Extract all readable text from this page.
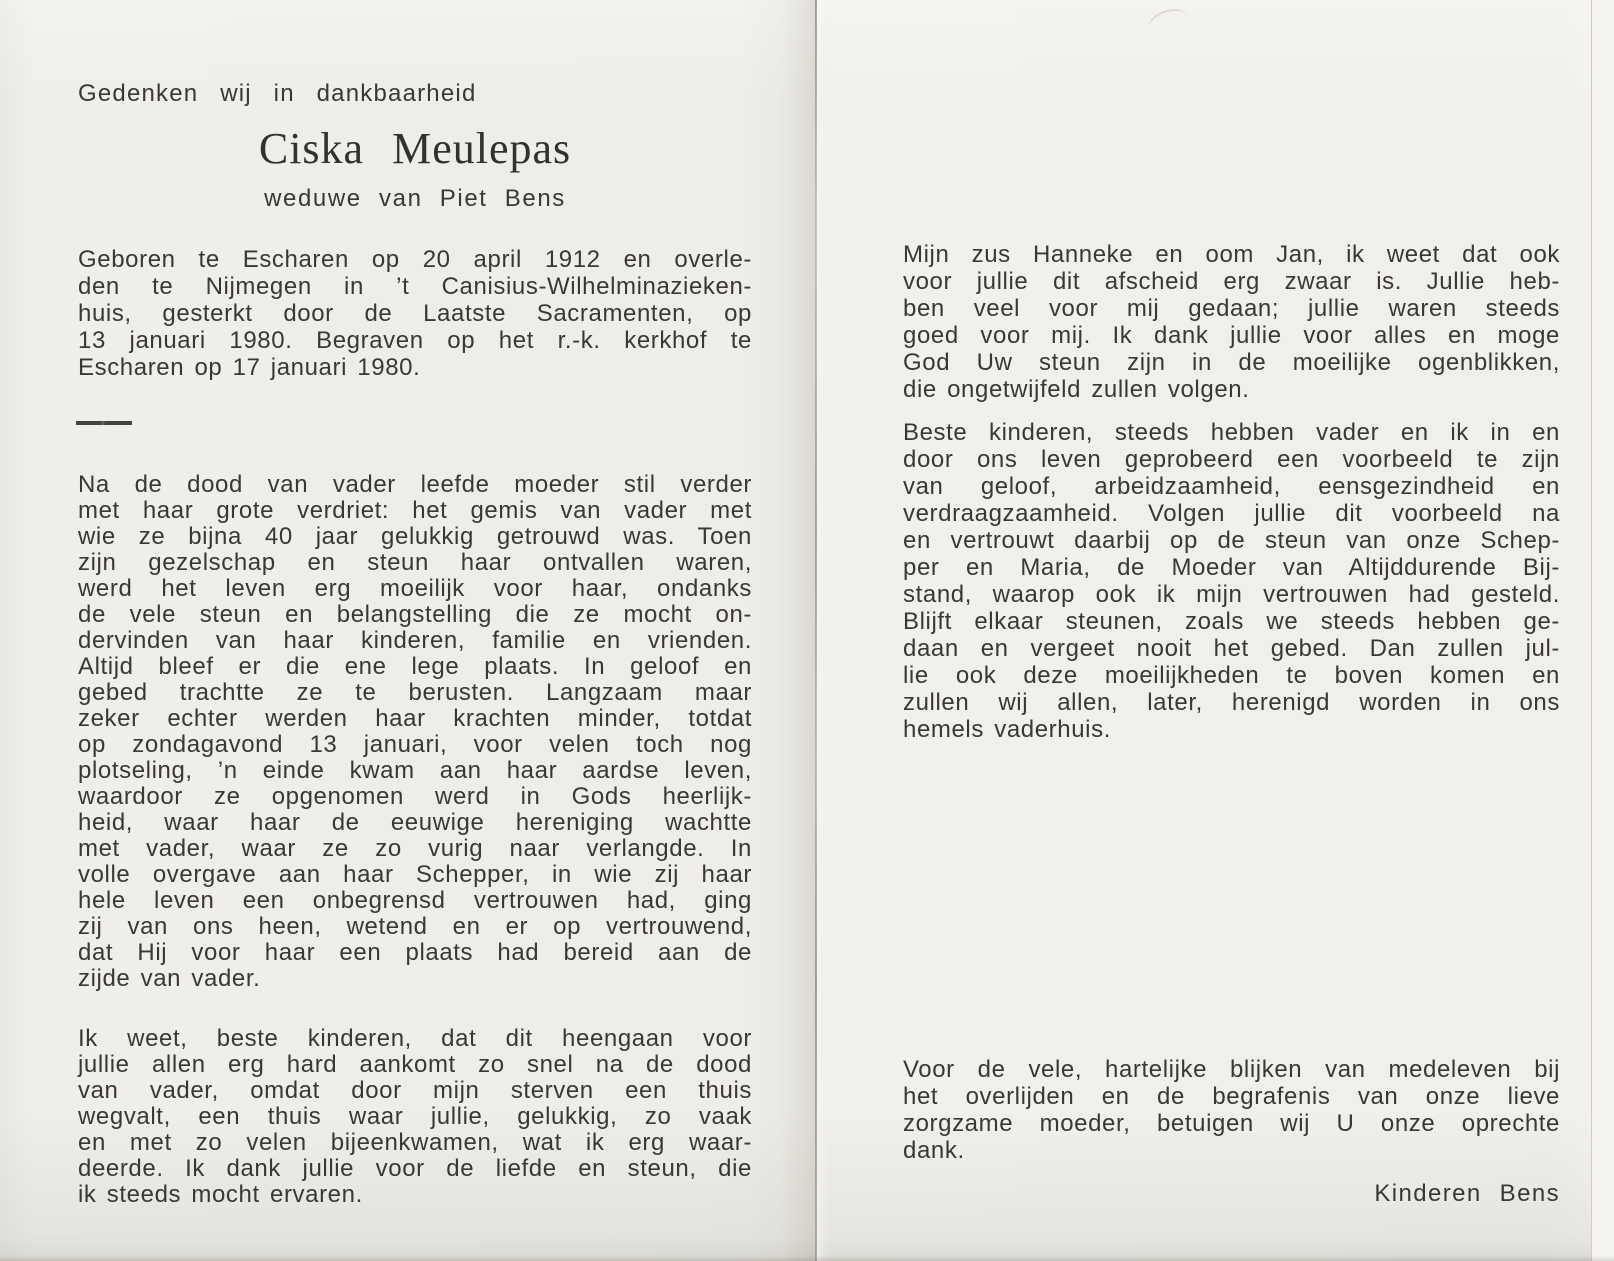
Gedenken wij in dankbaarheid
Ciska Meulepas
weduwe van Piet Bens
Geboren te Escharen op 20 april 1912 en overle-
den te Nijmegen in ’t Canisius-Wilhelminazieken-
huis, gesterkt door de Laatste Sacramenten, op
13 januari 1980. Begraven op het r.-k. kerkhof te
Escharen op 17 januari 1980.
Na de dood van vader leefde moeder stil verder
met haar grote verdriet: het gemis van vader met
wie ze bijna 40 jaar gelukkig getrouwd was. Toen
zijn gezelschap en steun haar ontvallen waren,
werd het leven erg moeilijk voor haar, ondanks
de vele steun en belangstelling die ze mocht on-
dervinden van haar kinderen, familie en vrienden.
Altijd bleef er die ene lege plaats. In geloof en
gebed trachtte ze te berusten. Langzaam maar
zeker echter werden haar krachten minder, totdat
op zondagavond 13 januari, voor velen toch nog
plotseling, ’n einde kwam aan haar aardse leven,
waardoor ze opgenomen werd in Gods heerlijk-
heid, waar haar de eeuwige hereniging wachtte
met vader, waar ze zo vurig naar verlangde. In
volle overgave aan haar Schepper, in wie zij haar
hele leven een onbegrensd vertrouwen had, ging
zij van ons heen, wetend en er op vertrouwend,
dat Hij voor haar een plaats had bereid aan de
zijde van vader.
Ik weet, beste kinderen, dat dit heengaan voor
jullie allen erg hard aankomt zo snel na de dood
van vader, omdat door mijn sterven een thuis
wegvalt, een thuis waar jullie, gelukkig, zo vaak
en met zo velen bijeenkwamen, wat ik erg waar-
deerde. Ik dank jullie voor de liefde en steun, die
ik steeds mocht ervaren.
Mijn zus Hanneke en oom Jan, ik weet dat ook
voor jullie dit afscheid erg zwaar is. Jullie heb-
ben veel voor mij gedaan; jullie waren steeds
goed voor mij. Ik dank jullie voor alles en moge
God Uw steun zijn in de moeilijke ogenblikken,
die ongetwijfeld zullen volgen.
Beste kinderen, steeds hebben vader en ik in en
door ons leven geprobeerd een voorbeeld te zijn
van geloof, arbeidzaamheid, eensgezindheid en
verdraagzaamheid. Volgen jullie dit voorbeeld na
en vertrouwt daarbij op de steun van onze Schep-
per en Maria, de Moeder van Altijddurende Bij-
stand, waarop ook ik mijn vertrouwen had gesteld.
Blijft elkaar steunen, zoals we steeds hebben ge-
daan en vergeet nooit het gebed. Dan zullen jul-
lie ook deze moeilijkheden te boven komen en
zullen wij allen, later, herenigd worden in ons
hemels vaderhuis.
Voor de vele, hartelijke blijken van medeleven bij
het overlijden en de begrafenis van onze lieve
zorgzame moeder, betuigen wij U onze oprechte
dank.
Kinderen Bens
